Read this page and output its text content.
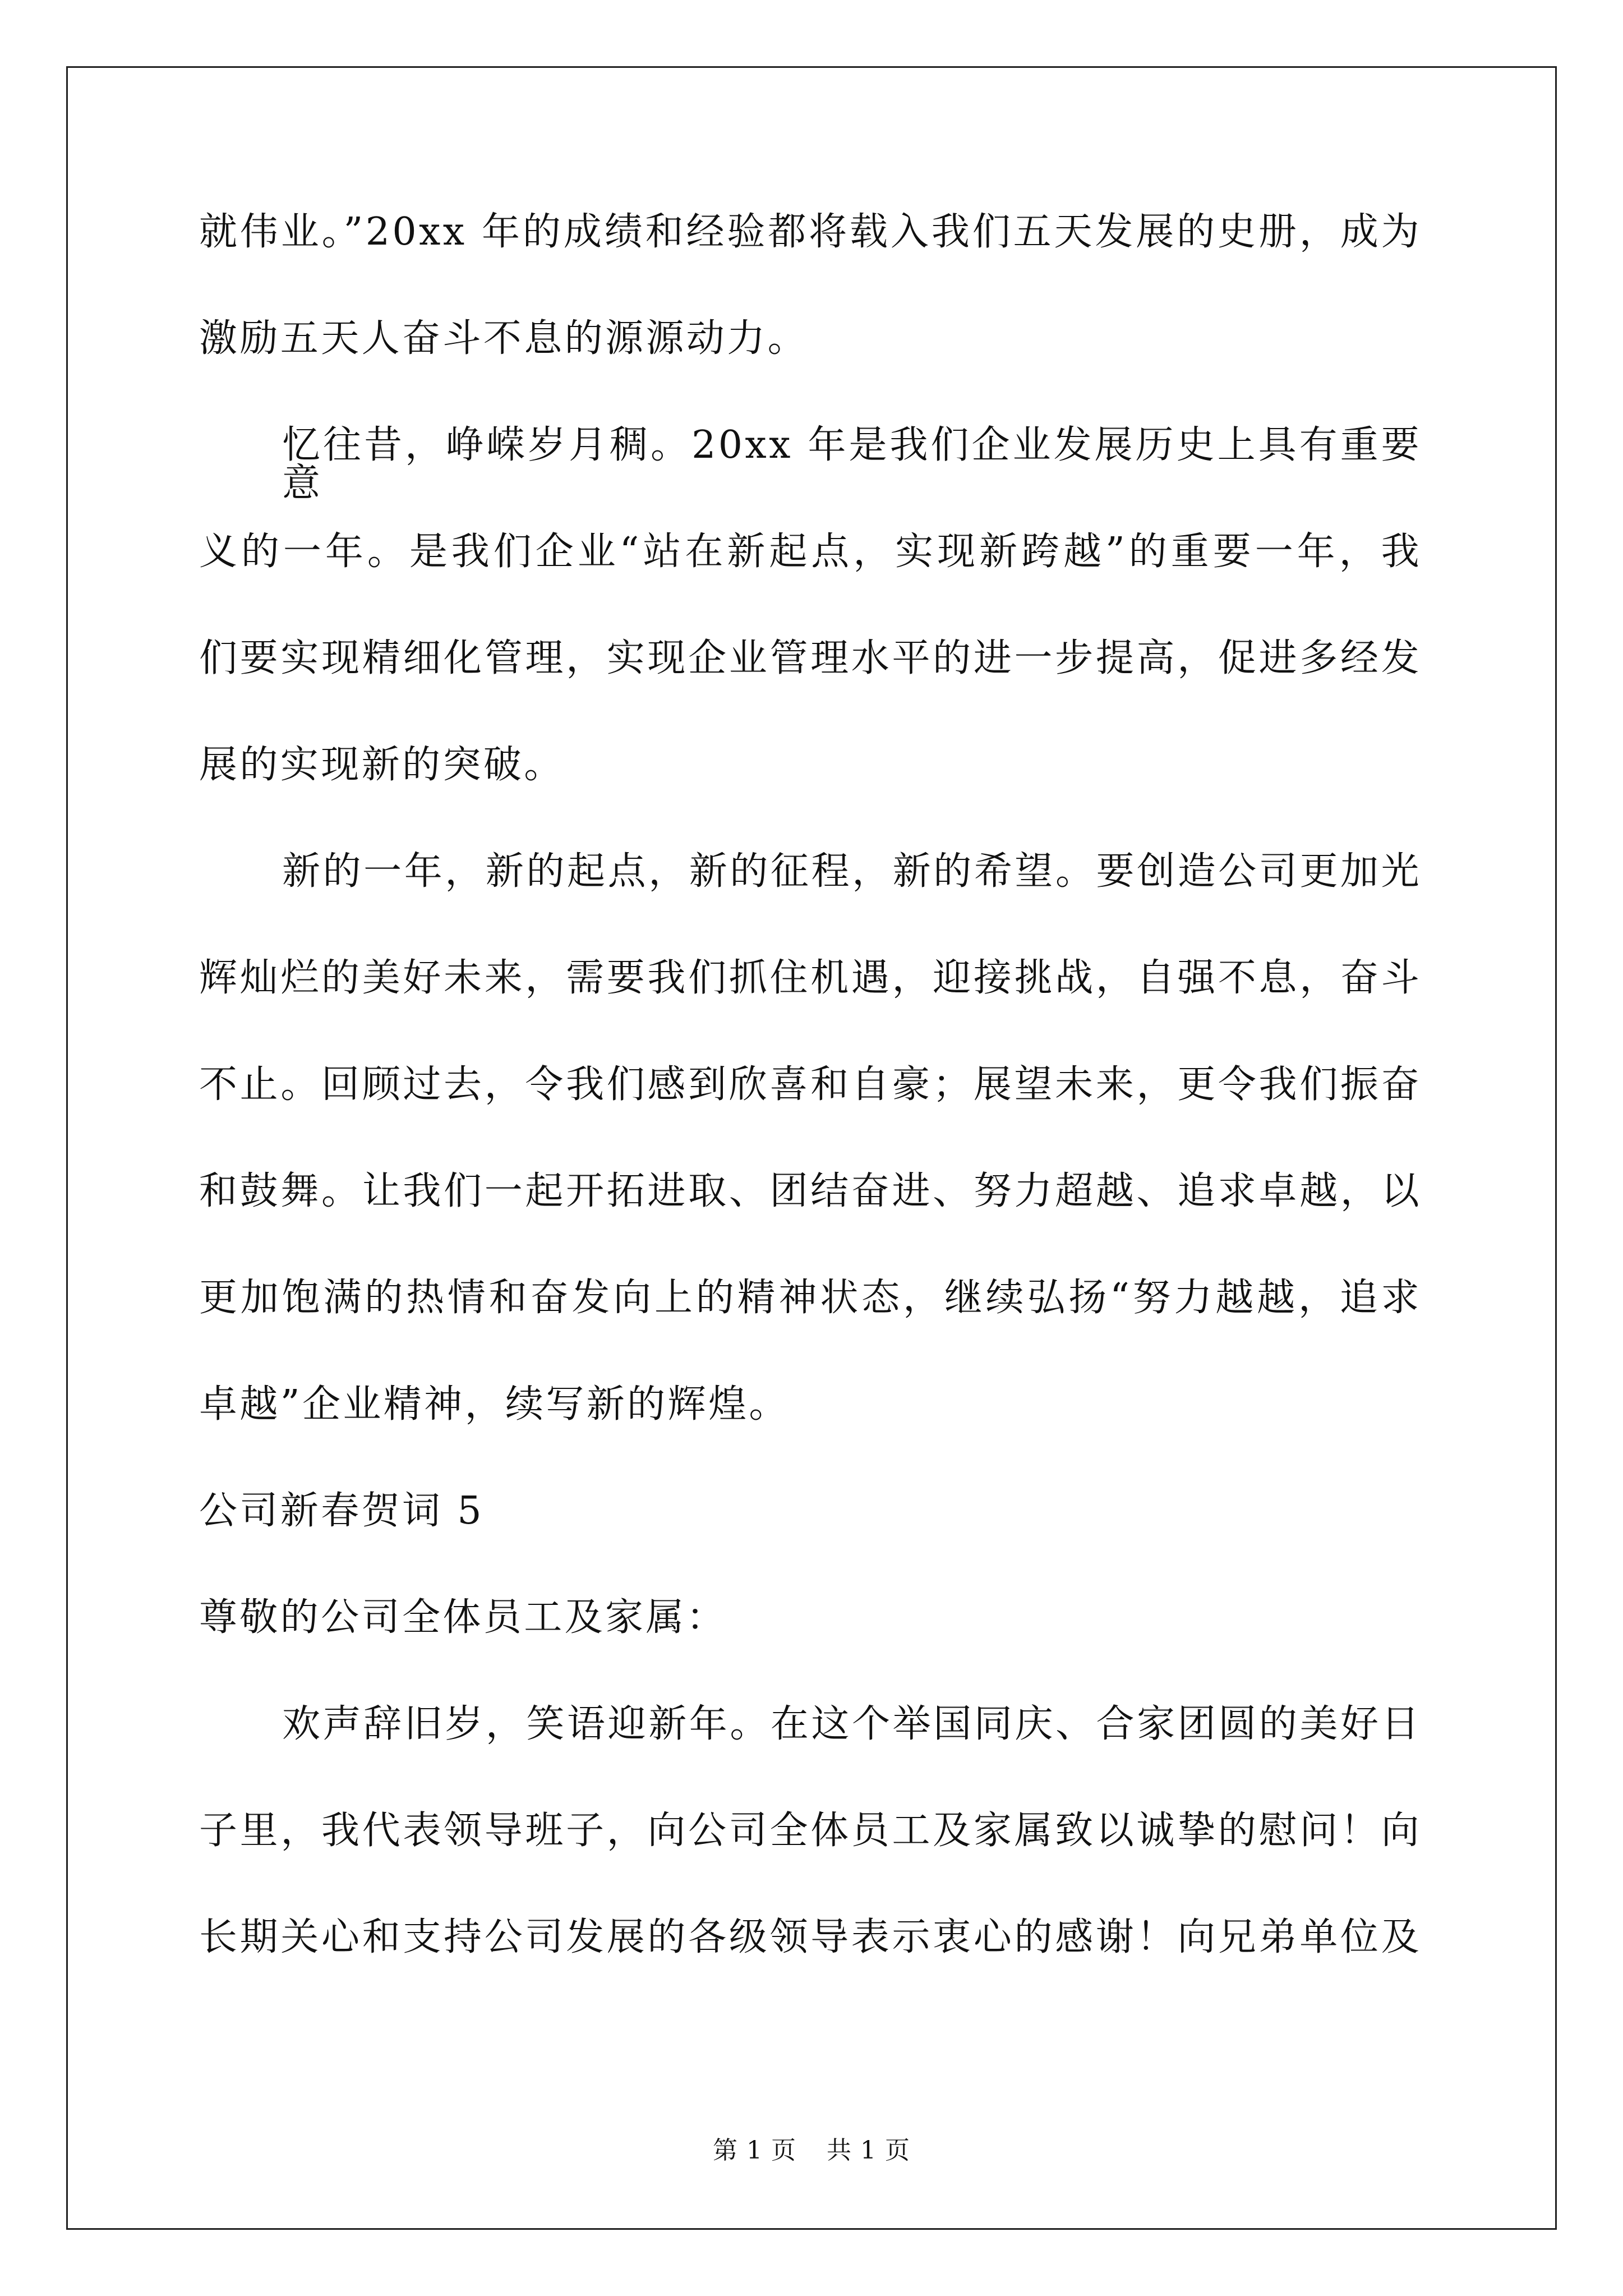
就伟业。”20xx 年的成绩和经验都将载入我们五天发展的史册，成为
激励五天人奋斗不息的源源动力。
忆往昔，峥嵘岁月稠。20xx 年是我们企业发展历史上具有重要意
义的一年。是我们企业“站在新起点，实现新跨越”的重要一年，我
们要实现精细化管理，实现企业管理水平的进一步提高，促进多经发
展的实现新的突破。
新的一年，新的起点，新的征程，新的希望。要创造公司更加光
辉灿烂的美好未来，需要我们抓住机遇，迎接挑战，自强不息，奋斗
不止。回顾过去，令我们感到欣喜和自豪；展望未来，更令我们振奋
和鼓舞。让我们一起开拓进取、团结奋进、努力超越、追求卓越，以
更加饱满的热情和奋发向上的精神状态，继续弘扬“努力越越，追求
卓越”企业精神，续写新的辉煌。
公司新春贺词 5
尊敬的公司全体员工及家属：
欢声辞旧岁，笑语迎新年。在这个举国同庆、合家团圆的美好日
子里，我代表领导班子，向公司全体员工及家属致以诚挚的慰问！向
长期关心和支持公司发展的各级领导表示衷心的感谢！向兄弟单位及
第 1 页 共 1 页
